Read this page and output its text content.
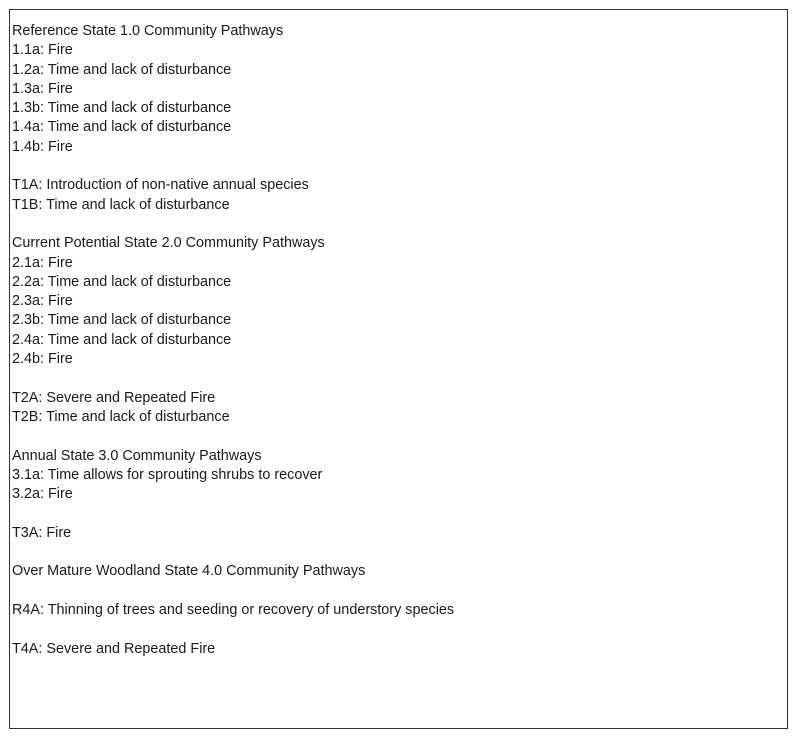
Reference State 1.0 Community Pathways
1.1a: Fire
1.2a: Time and lack of disturbance
1.3a: Fire
1.3b: Time and lack of disturbance
1.4a: Time and lack of disturbance
1.4b: Fire
T1A: Introduction of non-native annual species
T1B: Time and lack of disturbance
Current Potential State 2.0 Community Pathways
2.1a: Fire
2.2a: Time and lack of disturbance
2.3a: Fire
2.3b: Time and lack of disturbance
2.4a: Time and lack of disturbance
2.4b: Fire
T2A: Severe and Repeated Fire
T2B: Time and lack of disturbance
Annual State 3.0 Community Pathways
3.1a: Time allows for sprouting shrubs to recover
3.2a: Fire
T3A: Fire
Over Mature Woodland State 4.0 Community Pathways
R4A: Thinning of trees and seeding or recovery of understory species
T4A: Severe and Repeated Fire
